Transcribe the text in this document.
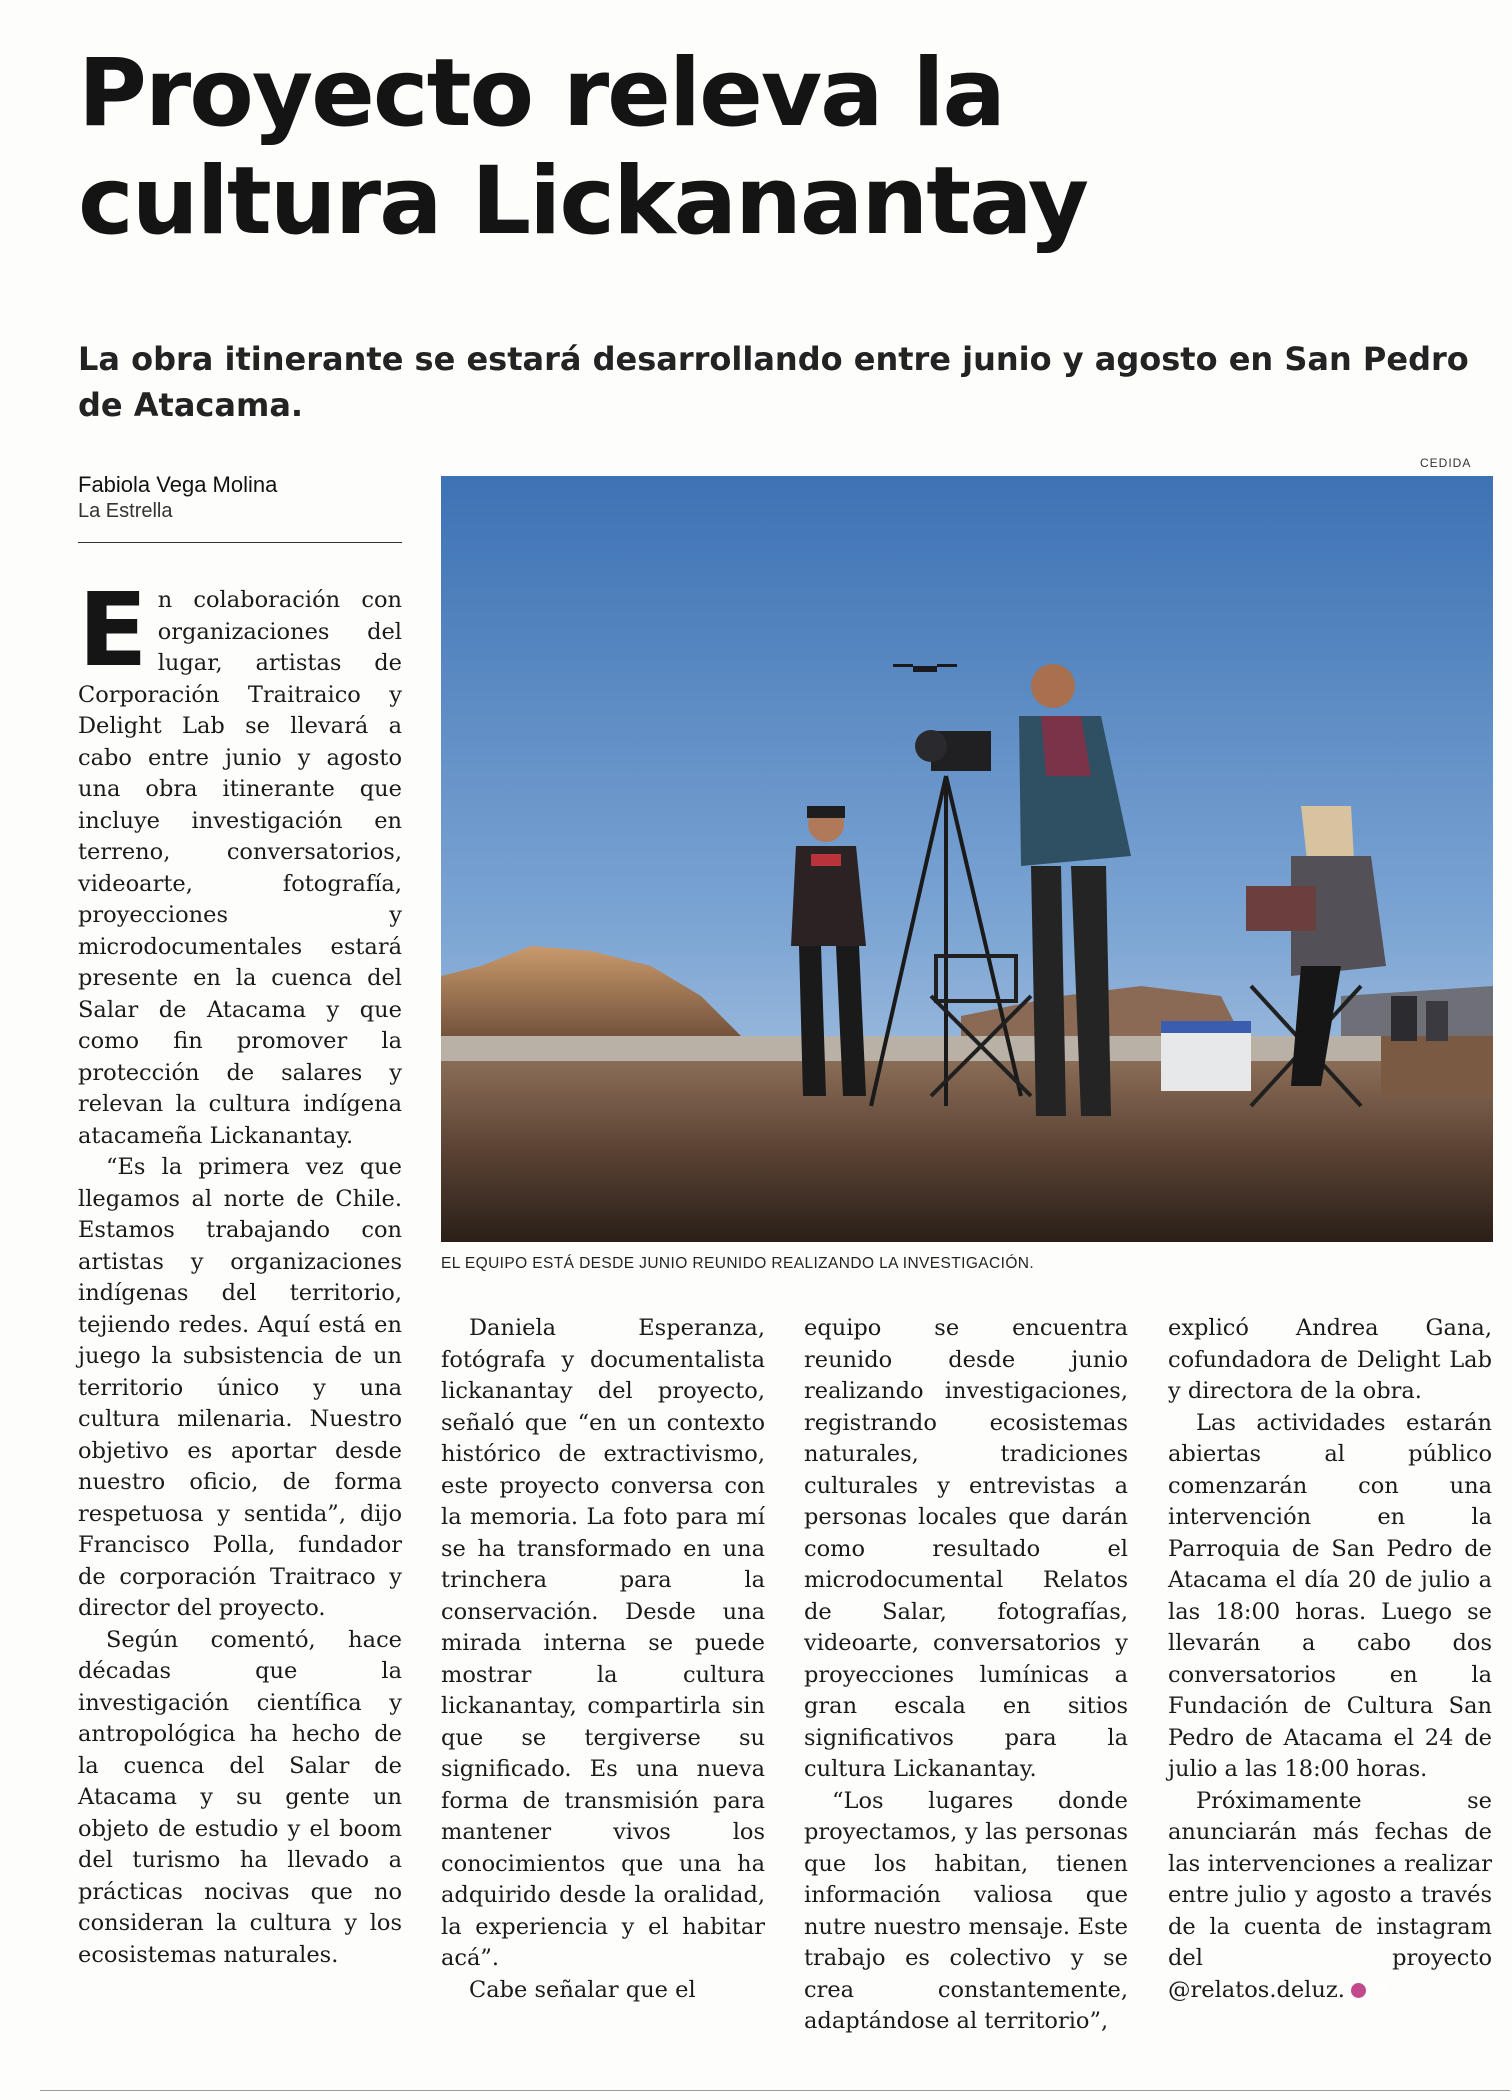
Proyecto releva la
cultura Lickanantay

La obra itinerante se estará desarrollando entre junio y agosto en San Pedro de Atacama.

Fabiola Vega Molina
La Estrella
CEDIDA
EL EQUIPO ESTÁ DESDE JUNIO REUNIDO REALIZANDO LA INVESTIGACIÓN.

En colaboración con organizaciones del lugar, artistas de Corporación Traitraico y Delight Lab se llevará a cabo entre junio y agosto una obra itinerante que incluye investigación en terreno, conversatorios, videoarte, fotografía, proyecciones y microdocumentales estará presente en la cuenca del Salar de Atacama y que como fin promover la protección de salares y relevan la cultura indígena atacameña Lickanantay.

“Es la primera vez que llegamos al norte de Chile. Estamos trabajando con artistas y organizaciones indígenas del territorio, tejiendo redes. Aquí está en juego la subsistencia de un territorio único y una cultura milenaria. Nuestro objetivo es aportar desde nuestro oficio, de forma respetuosa y sentida”, dijo Francisco Polla, fundador de corporación Traitraco y director del proyecto.

Según comentó, hace décadas que la investigación científica y antropológica ha hecho de la cuenca del Salar de Atacama y su gente un objeto de estudio y el boom del turismo ha llevado a prácticas nocivas que no consideran la cultura y los ecosistemas naturales.

Daniela Esperanza, fotógrafa y documentalista lickanantay del proyecto, señaló que “en un contexto histórico de extractivismo, este proyecto conversa con la memoria. La foto para mí se ha transformado en una trinchera para la conservación. Desde una mirada interna se puede mostrar la cultura lickanantay, compartirla sin que se tergiverse su significado. Es una nueva forma de transmisión para mantener vivos los conocimientos que una ha adquirido desde la oralidad, la experiencia y el habitar acá”.

Cabe señalar que el

equipo se encuentra reunido desde junio realizando investigaciones, registrando ecosistemas naturales, tradiciones culturales y entrevistas a personas locales que darán como resultado el microdocumental Relatos de Salar, fotografías, videoarte, conversatorios y proyecciones lumínicas a gran escala en sitios significativos para la cultura Lickanantay.

“Los lugares donde proyectamos, y las personas que los habitan, tienen información valiosa que nutre nuestro mensaje. Este trabajo es colectivo y se crea constantemente, adaptándose al territorio”,

explicó Andrea Gana, cofundadora de Delight Lab y directora de la obra.

Las actividades estarán abiertas al público comenzarán con una intervención en la Parroquia de San Pedro de Atacama el día 20 de julio a las 18:00 horas. Luego se llevarán a cabo dos conversatorios en la Fundación de Cultura San Pedro de Atacama el 24 de julio a las 18:00 horas.

Próximamente se anunciarán más fechas de las intervenciones a realizar entre julio y agosto a través de la cuenta de instagram del proyecto @relatos.deluz.	✪
